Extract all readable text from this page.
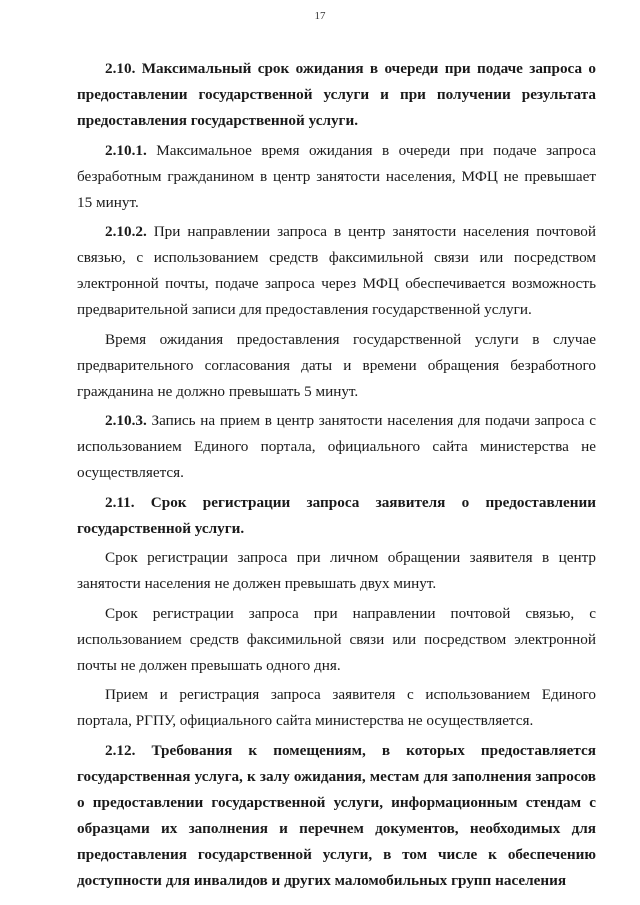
17

2.10. Максимальный срок ожидания в очереди при подаче запроса о предоставлении государственной услуги и при получении результата предоставления государственной услуги.

2.10.1. Максимальное время ожидания в очереди при подаче запроса безработным гражданином в центр занятости населения, МФЦ не превышает 15 минут.

2.10.2. При направлении запроса в центр занятости населения почтовой связью, с использованием средств факсимильной связи или посредством электронной почты, подаче запроса через МФЦ обеспечивается возможность предварительной записи для предоставления государственной услуги.

Время ожидания предоставления государственной услуги в случае предварительного согласования даты и времени обращения безработного гражданина не должно превышать 5 минут.

2.10.3. Запись на прием в центр занятости населения для подачи запроса с использованием Единого портала, официального сайта министерства не осуществляется.

2.11. Срок регистрации запроса заявителя о предоставлении государственной услуги.

Срок регистрации запроса при личном обращении заявителя в центр занятости населения не должен превышать двух минут.

Срок регистрации запроса при направлении почтовой связью, с использованием средств факсимильной связи или посредством электронной почты не должен превышать одного дня.

Прием и регистрация запроса заявителя с использованием Единого портала, РГПУ, официального сайта министерства не осуществляется.

2.12. Требования к помещениям, в которых предоставляется государственная услуга, к залу ожидания, местам для заполнения запросов о предоставлении государственной услуги, информационным стендам с образцами их заполнения и перечнем документов, необходимых для предоставления государственной услуги, в том числе к обеспечению доступности для инвалидов и других маломобильных групп населения
